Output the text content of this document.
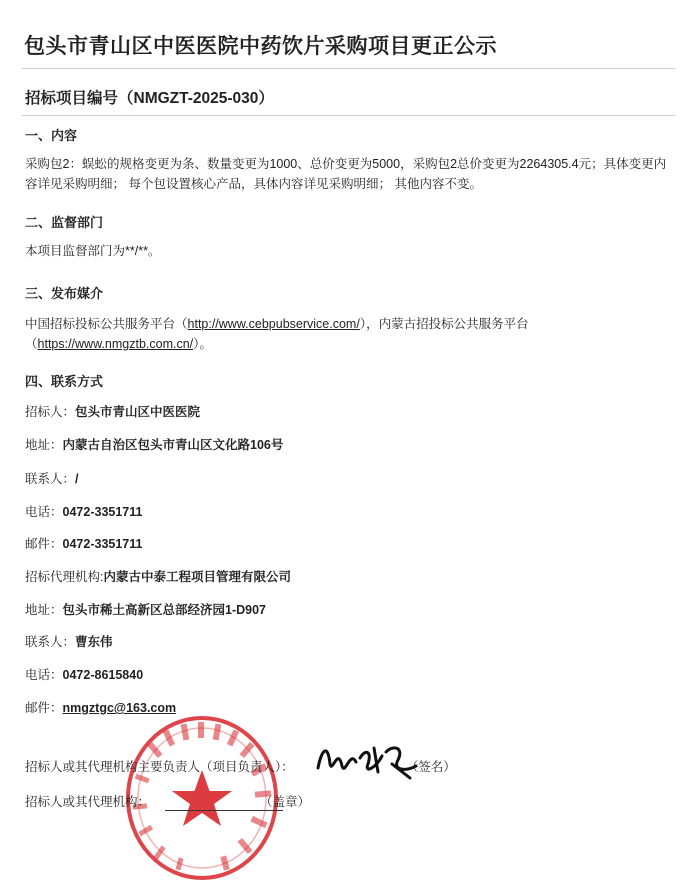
包头市青山区中医医院中药饮片采购项目更正公示
招标项目编号（NMGZT-2025-030）
一、内容
采购包2：蜈蚣的规格变更为条、数量变更为1000、总价变更为5000，采购包2总价变更为2264305.4元；具体变更内容详见采购明细； 每个包设置核心产品，具体内容详见采购明细； 其他内容不变。
二、监督部门
本项目监督部门为**/**。
三、发布媒介
中国招标投标公共服务平台（http://www.cebpubservice.com/），内蒙古招投标公共服务平台
（https://www.nmgztb.com.cn/）。
四、联系方式
招标人：包头市青山区中医医院
地址：内蒙古自治区包头市青山区文化路106号
联系人：/
电话：0472-3351711
邮件：0472-3351711
招标代理机构:内蒙古中泰工程项目管理有限公司
地址：包头市稀土高新区总部经济园1-D907
联系人：曹东伟
电话：0472-8615840
邮件：nmgztgc@163.com
招标人或其代理机构主要负责人（项目负责人）：	（签名）
招标人或其代理机构：	（盖章）
